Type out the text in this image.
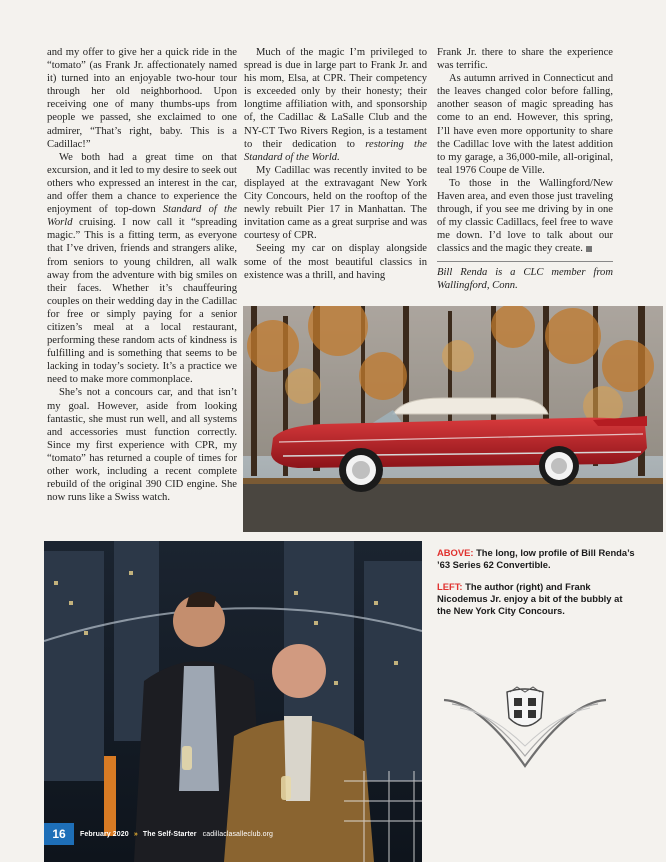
and my offer to give her a quick ride in the “tomato” (as Frank Jr. affectionately named it) turned into an enjoyable two-hour tour through her old neighborhood. Upon receiving one of many thumbs-ups from people we passed, she exclaimed to one admirer, “That’s right, baby. This is a Cadillac!”

We both had a great time on that excursion, and it led to my desire to seek out others who expressed an interest in the car, and offer them a chance to experience the enjoyment of top-down Standard of the World cruising. I now call it “spreading magic.” This is a fitting term, as everyone that I’ve driven, friends and strangers alike, from seniors to young children, all walk away from the adventure with big smiles on their faces. Whether it’s chauffeuring couples on their wedding day in the Cadillac for free or simply paying for a senior citizen’s meal at a local restaurant, performing these random acts of kindness is fulfilling and is something that seems to be lacking in today’s society. It’s a practice we need to make more commonplace.

She’s not a concours car, and that isn’t my goal. However, aside from looking fantastic, she must run well, and all systems and accessories must function correctly. Since my first experience with CPR, my “tomato” has returned a couple of times for other work, including a recent complete rebuild of the original 390 CID engine. She now runs like a Swiss watch.

Much of the magic I’m privileged to spread is due in large part to Frank Jr. and his mom, Elsa, at CPR. Their competency is exceeded only by their honesty; their longtime affiliation with, and sponsorship of, the Cadillac & LaSalle Club and the NY-CT Two Rivers Region, is a testament to their dedication to restoring the Standard of the World.

My Cadillac was recently invited to be displayed at the extravagant New York City Concours, held on the rooftop of the newly rebuilt Pier 17 in Manhattan. The invitation came as a great surprise and was courtesy of CPR.

Seeing my car on display alongside some of the most beautiful classics in existence was a thrill, and having

Frank Jr. there to share the experience was terrific.

As autumn arrived in Connecticut and the leaves changed color before falling, another season of magic spreading has come to an end. However, this spring, I’ll have even more opportunity to share the Cadillac love with the latest addition to my garage, a 36,000-mile, all-original, teal 1976 Coupe de Ville.

To those in the Wallingford/New Haven area, and even those just traveling through, if you see me driving by in one of my classic Cadillacs, feel free to wave me down. I’d love to talk about our classics and the magic they create.

Bill Renda is a CLC member from Wallingford, Conn.

ABOVE: The long, low profile of Bill Renda’s ’63 Series 62 Convertible.

LEFT: The author (right) and Frank Nicodemus Jr. enjoy a bit of the bubbly at the New York City Concours.

16	February 2020 » The Self-Starter cadillaclasalleclub.org
